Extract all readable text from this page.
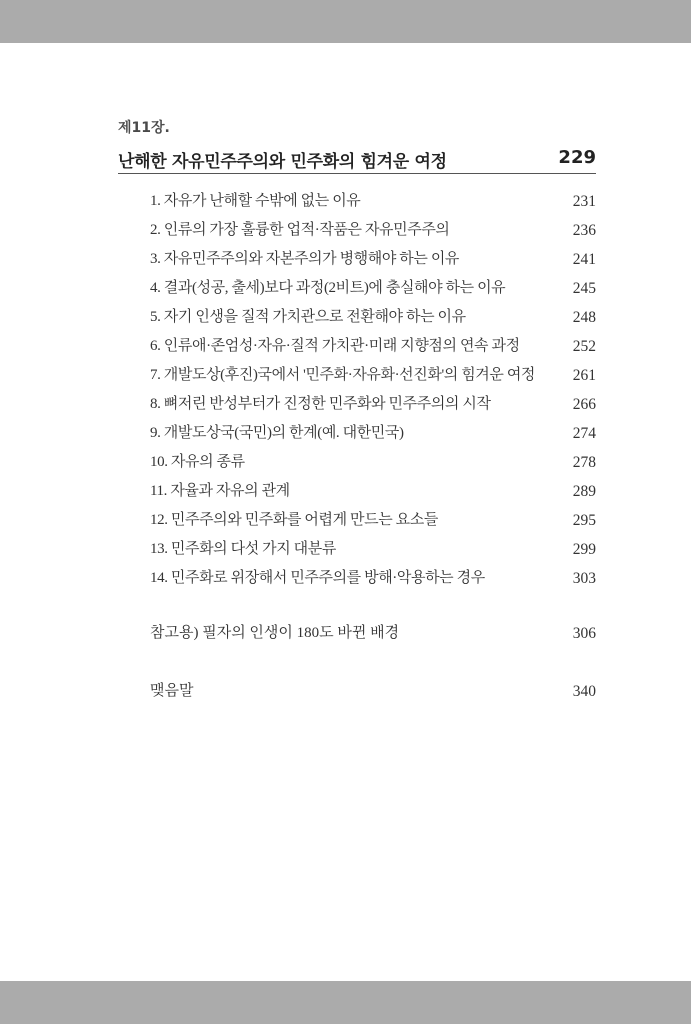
제11장.
난해한 자유민주주의와 민주화의 힘겨운 여정	229
1. 자유가 난해할 수밖에 없는 이유	231
2. 인류의 가장 훌륭한 업적·작품은 자유민주주의	236
3. 자유민주주의와 자본주의가 병행해야 하는 이유	241
4. 결과(성공, 출세)보다 과정(2비트)에 충실해야 하는 이유	245
5. 자기 인생을 질적 가치관으로 전환해야 하는 이유	248
6. 인류애·존엄성·자유·질적 가치관·미래 지향점의 연속 과정	252
7. 개발도상(후진)국에서 '민주화·자유화·선진화'의 힘겨운 여정 261
8. 뼈저린 반성부터가 진정한 민주화와 민주주의의 시작	266
9. 개발도상국(국민)의 한계(예. 대한민국)	274
10. 자유의 종류	278
11. 자율과 자유의 관계	289
12. 민주주의와 민주화를 어렵게 만드는 요소들	295
13. 민주화의 다섯 가지 대분류	299
14. 민주화로 위장해서 민주주의를 방해·악용하는 경우	303
참고용) 필자의 인생이 180도 바뀐 배경	306
맺음말	340
